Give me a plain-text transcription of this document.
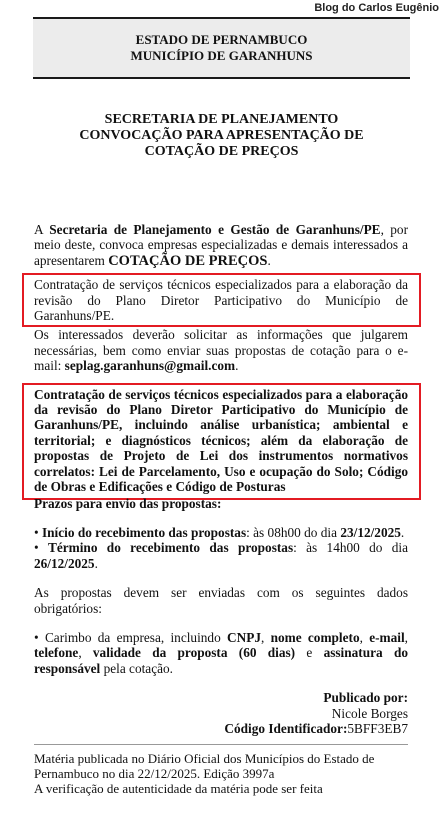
Blog do Carlos Eugênio
ESTADO DE PERNAMBUCO
MUNICÍPIO DE GARANHUNS
SECRETARIA DE PLANEJAMENTO
CONVOCAÇÃO PARA APRESENTAÇÃO DE
COTAÇÃO DE PREÇOS

A Secretaria de Planejamento e Gestão de Garanhuns/PE, por meio deste, convoca empresas especializadas e demais interessados a apresentarem COTAÇÃO DE PREÇOS.

Contratação de serviços técnicos especializados para a elaboração da revisão do Plano Diretor Participativo do Município de Garanhuns/PE.

Os interessados deverão solicitar as informações que julgarem necessárias, bem como enviar suas propostas de cotação para o e-mail: seplag.garanhuns@gmail.com.

Contratação de serviços técnicos especializados para a elaboração da revisão do Plano Diretor Participativo do Município de Garanhuns/PE, incluindo análise urbanística; ambiental e territorial; e diagnósticos técnicos; além da elaboração de propostas de Projeto de Lei dos instrumentos normativos correlatos: Lei de Parcelamento, Uso e ocupação do Solo; Código de Obras e Edificações e Código de Posturas

Prazos para envio das propostas:

• Início do recebimento das propostas: às 08h00 do dia 23/12/2025.

• Término do recebimento das propostas: às 14h00 do dia 26/12/2025.

As propostas devem ser enviadas com os seguintes dados obrigatórios:

• Carimbo da empresa, incluindo CNPJ, nome completo, e-mail, telefone, validade da proposta (60 dias) e assinatura do responsável pela cotação.

Publicado por:
Nicole Borges
Código Identificador:5BFF3EB7
Matéria publicada no Diário Oficial dos Municípios do Estado de Pernambuco no dia 22/12/2025. Edição 3997a
A verificação de autenticidade da matéria pode ser feita
